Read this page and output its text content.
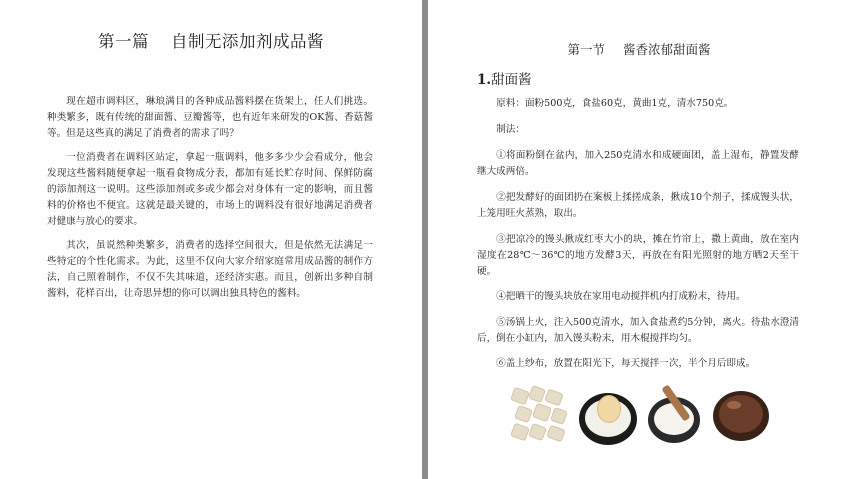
第一篇 自制无添加剂成品酱

现在超市调料区，琳琅满目的各种成品酱料摆在货架上，任人们挑选。种类繁多，既有传统的甜面酱、豆瓣酱等，也有近年来研发的OK酱、香菇酱等。但是这些真的满足了消费者的需求了吗？

一位消费者在调料区站定，拿起一瓶调料，他多多少少会看成分，他会发现这些酱料随便拿起一瓶看食物成分表，都加有延长贮存时间、保鲜防腐的添加剂这一说明。这些添加剂或多或少都会对身体有一定的影响，而且酱料的价格也不便宜。这就是最关键的，市场上的调料没有很好地满足消费者对健康与放心的要求。

其次，虽说然种类繁多，消费者的选择空间很大，但是依然无法满足一些特定的个性化需求。为此，这里不仅向大家介绍家庭常用成品酱的制作方法，自己照着制作，不仅不失其味道，还经济实惠。而且，创新出多种自制酱料，花样百出，让奇思异想的你可以调出独具特色的酱料。

第一节 酱香浓郁甜面酱
1.甜面酱

原料：面粉500克，食盐60克，黄曲1克，清水750克。

制法：

①将面粉倒在盆内，加入250克清水和成硬面团，盖上湿布，静置发酵继大成两倍。

②把发酵好的面团扔在案板上揉搓成条，揪成10个剂子，揉成馒头状，上笼用旺火蒸熟，取出。

③把凉冷的馒头揪成红枣大小的块，摊在竹帘上，撒上黄曲，放在室内湿度在28℃～36℃的地方发酵3天，再放在有阳光照射的地方晒2天至干硬。

④把晒干的馒头块放在家用电动搅拌机内打成粉末，待用。

⑤汤锅上火，注入500克清水，加入食盐煮约5分钟，离火。待盐水澄清后，倒在小缸内，加入馒头粉末，用木棍搅拌均匀。

⑥盖上纱布，放置在阳光下，每天搅拌一次，半个月后即成。
